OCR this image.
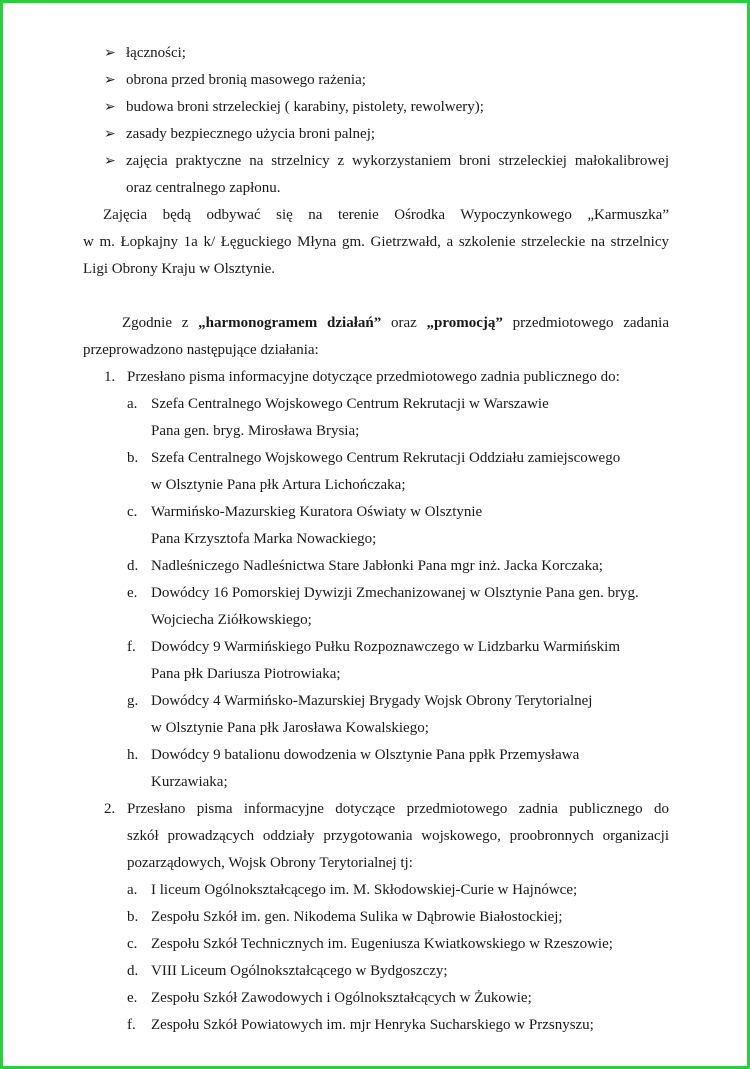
➢ łączności;
➢ obrona przed bronią masowego rażenia;
➢ budowa broni strzeleckiej ( karabiny, pistolety, rewolwery);
➢ zasady bezpiecznego użycia broni palnej;
➢ zajęcia praktyczne na strzelnicy z wykorzystaniem broni strzeleckiej małokalibrowej
oraz centralnego zapłonu.
Zajęcia będą odbywać się na terenie Ośrodka Wypoczynkowego „Karmuszka”
w m. Łopkajny 1a k/ Łęguckiego Młyna gm. Gietrzwałd, a szkolenie strzeleckie na strzelnicy
Ligi Obrony Kraju w Olsztynie.
Zgodnie z „harmonogramem działań” oraz „promocją” przedmiotowego zadania
przeprowadzono następujące działania:
1. Przesłano pisma informacyjne dotyczące przedmiotowego zadnia publicznego do:
a. Szefa Centralnego Wojskowego Centrum Rekrutacji w Warszawie
Pana gen. bryg. Mirosława Brysia;
b. Szefa Centralnego Wojskowego Centrum Rekrutacji Oddziału zamiejscowego
w Olsztynie Pana płk Artura Lichończaka;
c. Warmińsko-Mazurskieg Kuratora Oświaty w Olsztynie
Pana Krzysztofa Marka Nowackiego;
d. Nadleśniczego Nadleśnictwa Stare Jabłonki Pana mgr inż. Jacka Korczaka;
e. Dowódcy 16 Pomorskiej Dywizji Zmechanizowanej w Olsztynie Pana gen. bryg.
Wojciecha Ziółkowskiego;
f. Dowódcy 9 Warmińskiego Pułku Rozpoznawczego w Lidzbarku Warmińskim
Pana płk Dariusza Piotrowiaka;
g. Dowódcy 4 Warmińsko-Mazurskiej Brygady Wojsk Obrony Terytorialnej
w Olsztynie Pana płk Jarosława Kowalskiego;
h. Dowódcy 9 batalionu dowodzenia w Olsztynie Pana ppłk Przemysława
Kurzawiaka;
2. Przesłano pisma informacyjne dotyczące przedmiotowego zadnia publicznego do
szkół prowadzących oddziały przygotowania wojskowego, proobronnych organizacji
pozarządowych, Wojsk Obrony Terytorialnej tj:
a. I liceum Ogólnokształcącego im. M. Skłodowskiej-Curie w Hajnówce;
b. Zespołu Szkół im. gen. Nikodema Sulika w Dąbrowie Białostockiej;
c. Zespołu Szkół Technicznych im. Eugeniusza Kwiatkowskiego w Rzeszowie;
d. VIII Liceum Ogólnokształcącego w Bydgoszczy;
e. Zespołu Szkół Zawodowych i Ogólnokształcących w Żukowie;
f. Zespołu Szkół Powiatowych im. mjr Henryka Sucharskiego w Przsnyszu;
